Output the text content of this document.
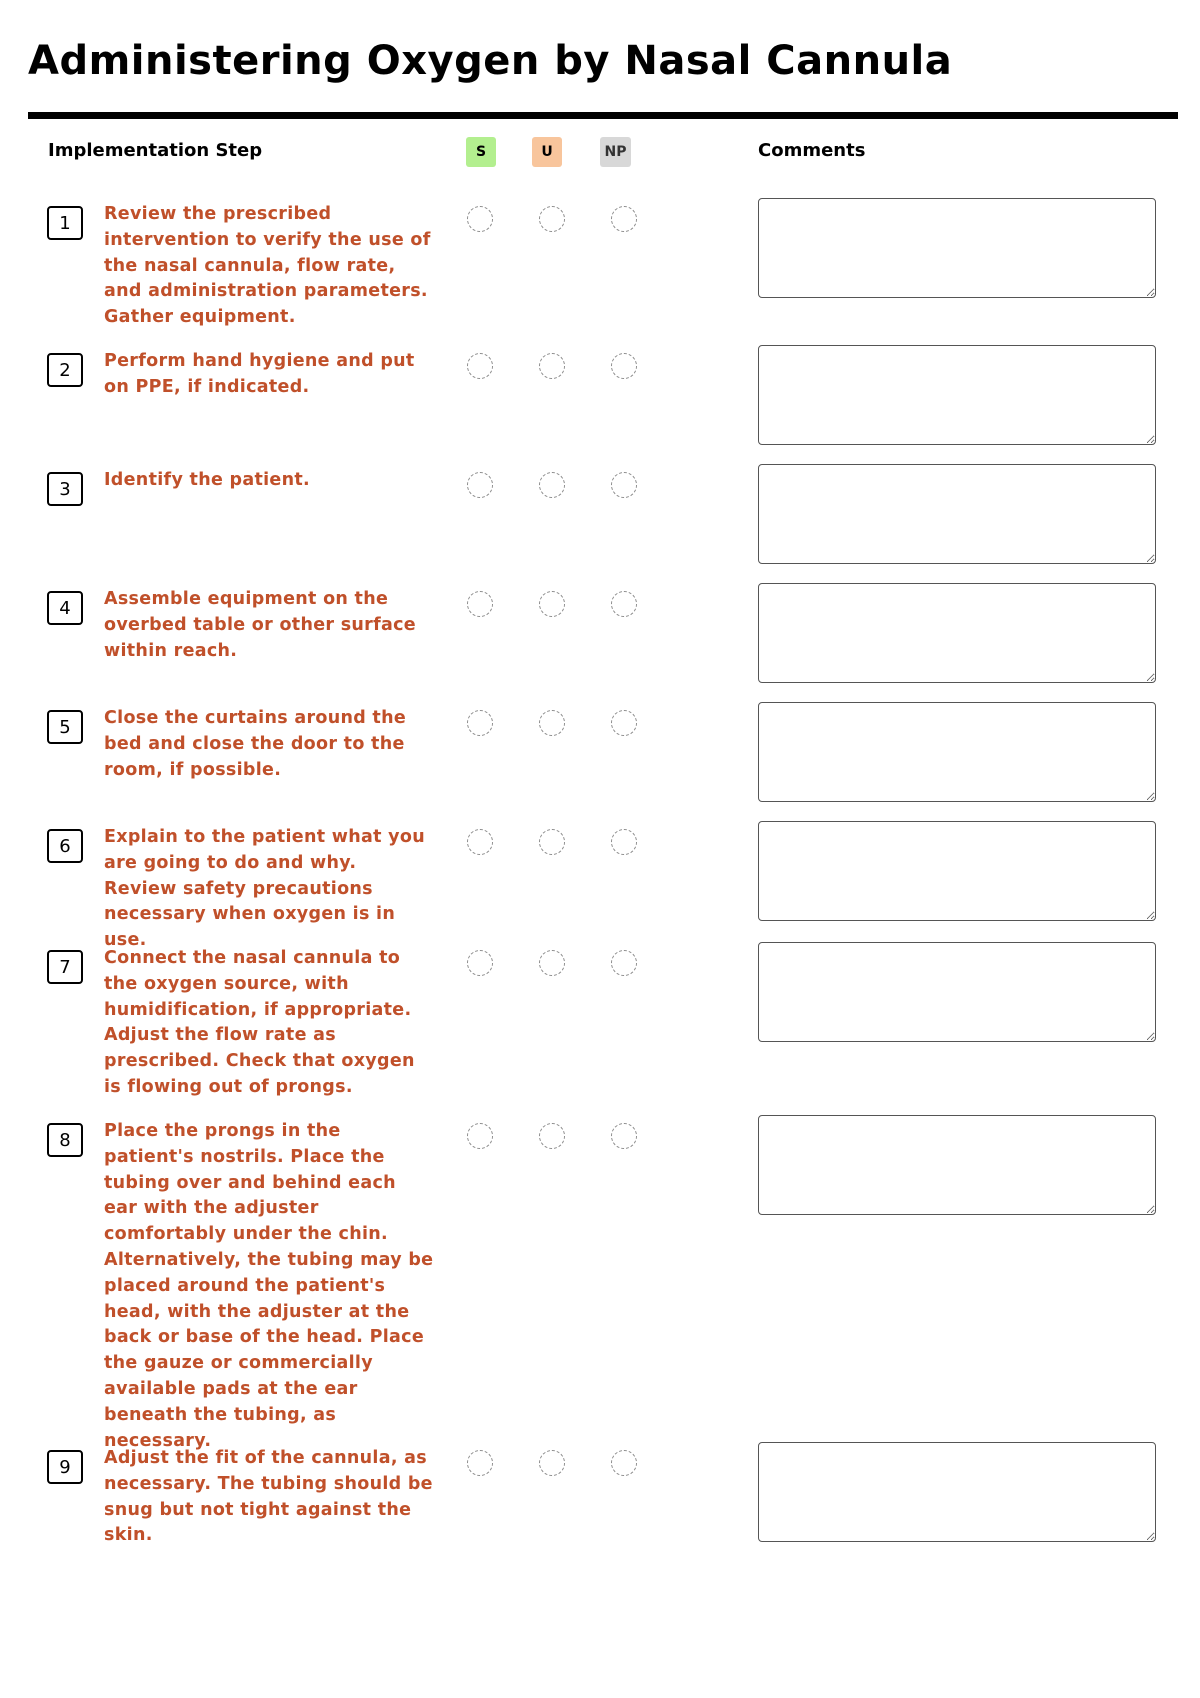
Administering Oxygen by Nasal Cannula
Implementation Step	S	U	NP	Comments
1	Review the prescribed intervention to verify the use of the nasal cannula, flow rate, and administration parameters. Gather equipment.
2	Perform hand hygiene and put on PPE, if indicated.
3	Identify the patient.
4	Assemble equipment on the overbed table or other surface within reach.
5	Close the curtains around the bed and close the door to the room, if possible.
6	Explain to the patient what you are going to do and why. Review safety precautions necessary when oxygen is in use.
7	Connect the nasal cannula to the oxygen source, with humidification, if appropriate. Adjust the flow rate as prescribed. Check that oxygen is flowing out of prongs.
8	Place the prongs in the patient's nostrils. Place the tubing over and behind each ear with the adjuster comfortably under the chin. Alternatively, the tubing may be placed around the patient's head, with the adjuster at the back or base of the head. Place the gauze or commercially available pads at the ear beneath the tubing, as necessary.
9	Adjust the fit of the cannula, as necessary. The tubing should be snug but not tight against the skin.
